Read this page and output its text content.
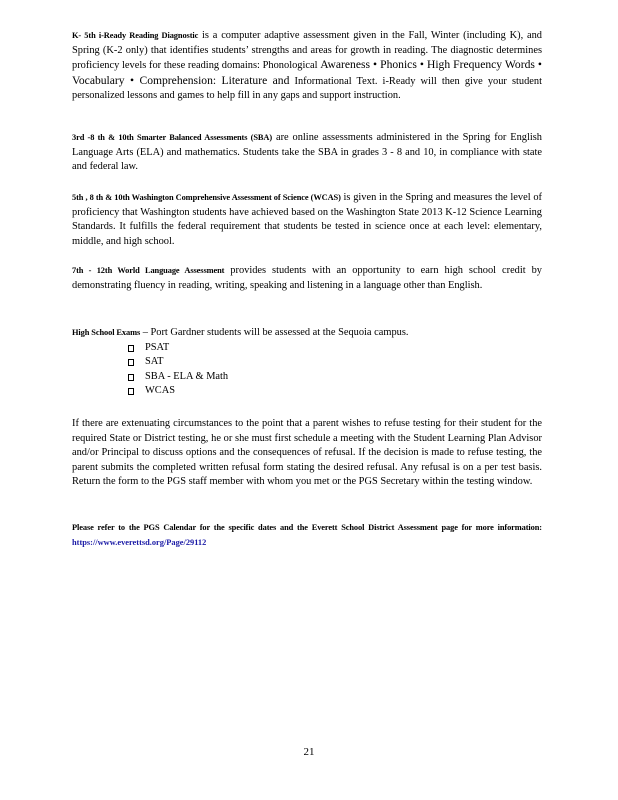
K- 5th i-Ready Reading Diagnostic is a computer adaptive assessment given in the Fall, Winter (including K), and Spring (K-2 only) that identifies students’ strengths and areas for growth in reading. The diagnostic determines proficiency levels for these reading domains: Phonological Awareness • Phonics • High Frequency Words • Vocabulary • Comprehension: Literature and Informational Text. i-Ready will then give your student personalized lessons and games to help fill in any gaps and support instruction.
3rd -8 th & 10th Smarter Balanced Assessments (SBA) are online assessments administered in the Spring for English Language Arts (ELA) and mathematics. Students take the SBA in grades 3 - 8 and 10, in compliance with state and federal law.
5th , 8 th & 10th Washington Comprehensive Assessment of Science (WCAS) is given in the Spring and measures the level of proficiency that Washington students have achieved based on the Washington State 2013 K-12 Science Learning Standards. It fulfills the federal requirement that students be tested in science once at each level: elementary, middle, and high school.
7th - 12th World Language Assessment provides students with an opportunity to earn high school credit by demonstrating fluency in reading, writing, speaking and listening in a language other than English.
High School Exams – Port Gardner students will be assessed at the Sequoia campus.
PSAT
SAT
SBA - ELA & Math
WCAS
If there are extenuating circumstances to the point that a parent wishes to refuse testing for their student for the required State or District testing, he or she must first schedule a meeting with the Student Learning Plan Advisor and/or Principal to discuss options and the consequences of refusal. If the decision is made to refuse testing, the parent submits the completed written refusal form stating the desired refusal. Any refusal is on a per test basis. Return the form to the PGS staff member with whom you met or the PGS Secretary within the testing window.
Please refer to the PGS Calendar for the specific dates and the Everett School District Assessment page for more information: https://www.everettsd.org/Page/29112
21
